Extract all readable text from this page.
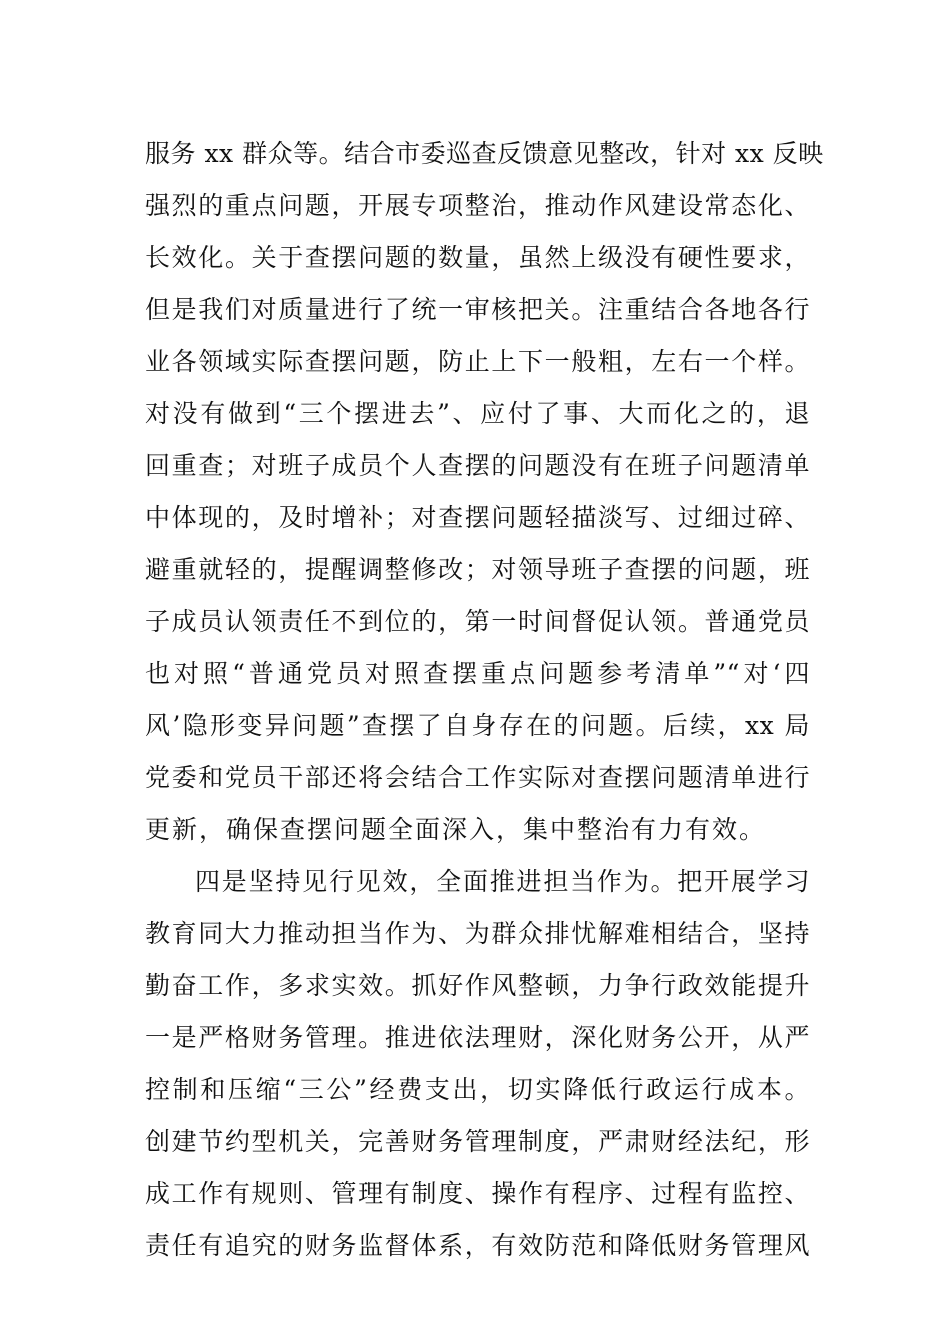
服务 xx 群众等。结合市委巡查反馈意见整改，针对 xx 反映
强烈的重点问题，开展专项整治，推动作风建设常态化、
长效化。关于查摆问题的数量，虽然上级没有硬性要求，
但是我们对质量进行了统一审核把关。注重结合各地各行
业各领域实际查摆问题，防止上下一般粗，左右一个样。
对没有做到“三个摆进去”、应付了事、大而化之的，退
回重查；对班子成员个人查摆的问题没有在班子问题清单
中体现的，及时增补；对查摆问题轻描淡写、过细过碎、
避重就轻的，提醒调整修改；对领导班子查摆的问题，班
子成员认领责任不到位的，第一时间督促认领。普通党员
也对照“普通党员对照查摆重点问题参考清单”“对‘四
风’隐形变异问题”查摆了自身存在的问题。后续，xx 局
党委和党员干部还将会结合工作实际对查摆问题清单进行
更新，确保查摆问题全面深入，集中整治有力有效。
四是坚持见行见效，全面推进担当作为。把开展学习
教育同大力推动担当作为、为群众排忧解难相结合，坚持
勤奋工作，多求实效。抓好作风整顿，力争行政效能提升
一是严格财务管理。推进依法理财，深化财务公开，从严
控制和压缩“三公”经费支出，切实降低行政运行成本。
创建节约型机关，完善财务管理制度，严肃财经法纪，形
成工作有规则、管理有制度、操作有程序、过程有监控、
责任有追究的财务监督体系，有效防范和降低财务管理风
